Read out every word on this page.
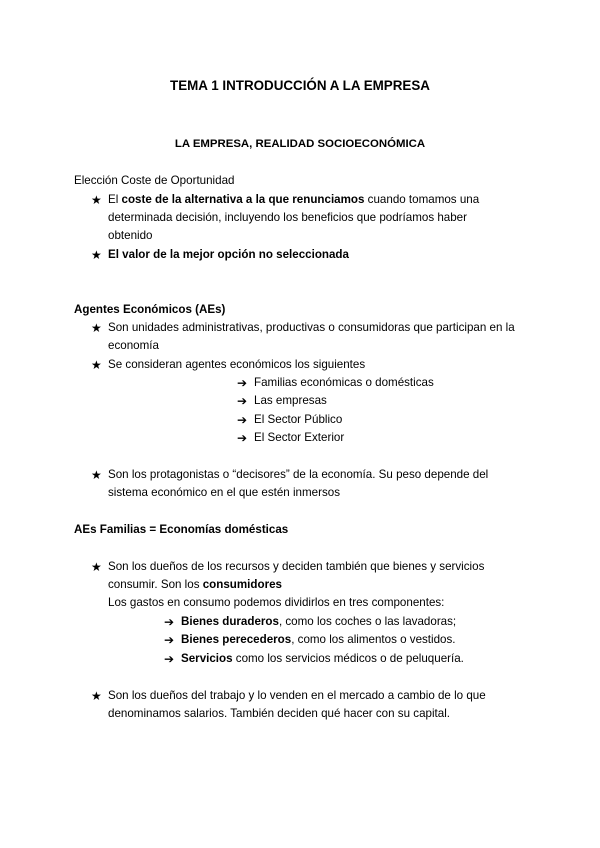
TEMA 1 INTRODUCCIÓN A LA EMPRESA
LA EMPRESA, REALIDAD SOCIOECONÓMICA
Elección Coste de Oportunidad
★ El coste de la alternativa a la que renunciamos cuando tomamos una
determinada decisión, incluyendo los beneficios que podríamos haber
obtenido
★ El valor de la mejor opción no seleccionada
Agentes Económicos (AEs)
★ Son unidades administrativas, productivas o consumidoras que participan en la
economía
★ Se consideran agentes económicos los siguientes
➔ Familias económicas o domésticas
➔ Las empresas
➔ El Sector Público
➔ El Sector Exterior
★ Son los protagonistas o “decisores” de la economía. Su peso depende del
sistema económico en el que estén inmersos
AEs Familias = Economías domésticas
★ Son los dueños de los recursos y deciden también que bienes y servicios
consumir. Son los consumidores
Los gastos en consumo podemos dividirlos en tres componentes:
➔ Bienes duraderos, como los coches o las lavadoras;
➔ Bienes perecederos, como los alimentos o vestidos.
➔ Servicios como los servicios médicos o de peluquería.
★ Son los dueños del trabajo y lo venden en el mercado a cambio de lo que
denominamos salarios. También deciden qué hacer con su capital.
